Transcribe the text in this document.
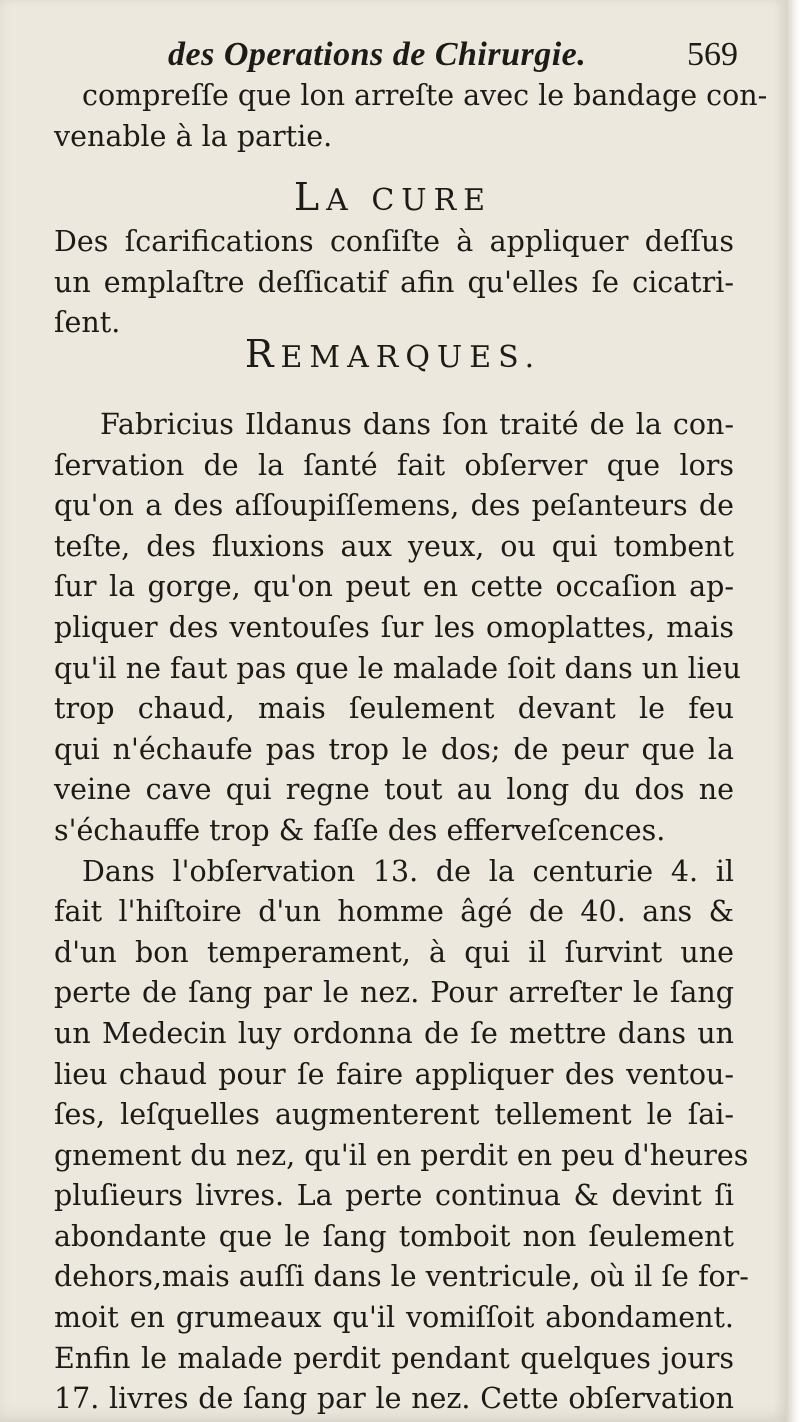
des Operations de Chirurgie.	569
compreſſe que lon arreſte avec le bandage con-
venable à la partie.
LA CURE
Des ſcarifications conſiſte à appliquer deſſus
un emplaſtre deſſicatif afin qu'elles ſe cicatri-
ſent.
REMARQUES.
Fabricius Ildanus dans ſon traité de la con-
ſervation de la ſanté fait obſerver que lors
qu'on a des aſſoupiſſemens, des peſanteurs de
teſte, des fluxions aux yeux, ou qui tombent
ſur la gorge, qu'on peut en cette occaſion ap-
pliquer des ventouſes ſur les omoplattes, mais
qu'il ne faut pas que le malade ſoit dans un lieu
trop chaud, mais ſeulement devant le feu
qui n'échaufe pas trop le dos; de peur que la
veine cave qui regne tout au long du dos ne
s'échauffe trop & faſſe des effervеſcences.
Dans l'obſervation 13. de la centurie 4. il
fait l'hiſtoire d'un homme âgé de 40. ans &
d'un bon temperament, à qui il ſurvint une
perte de ſang par le nez. Pour arreſter le ſang
un Medecin luy ordonna de ſe mettre dans un
lieu chaud pour ſe faire appliquer des ventou-
ſes, leſquelles augmenterent tellement le ſai-
gnement du nez, qu'il en perdit en peu d'heures
pluſieurs livres. La perte continua & devint ſi
abondante que le ſang tomboit non ſeulement
dehors,mais auſſi dans le ventricule, où il ſe for-
moit en grumeaux qu'il vomiſſoit abondament.
Enfin le malade perdit pendant quelques jours
17. livres de ſang par le nez. Cette obſervation
